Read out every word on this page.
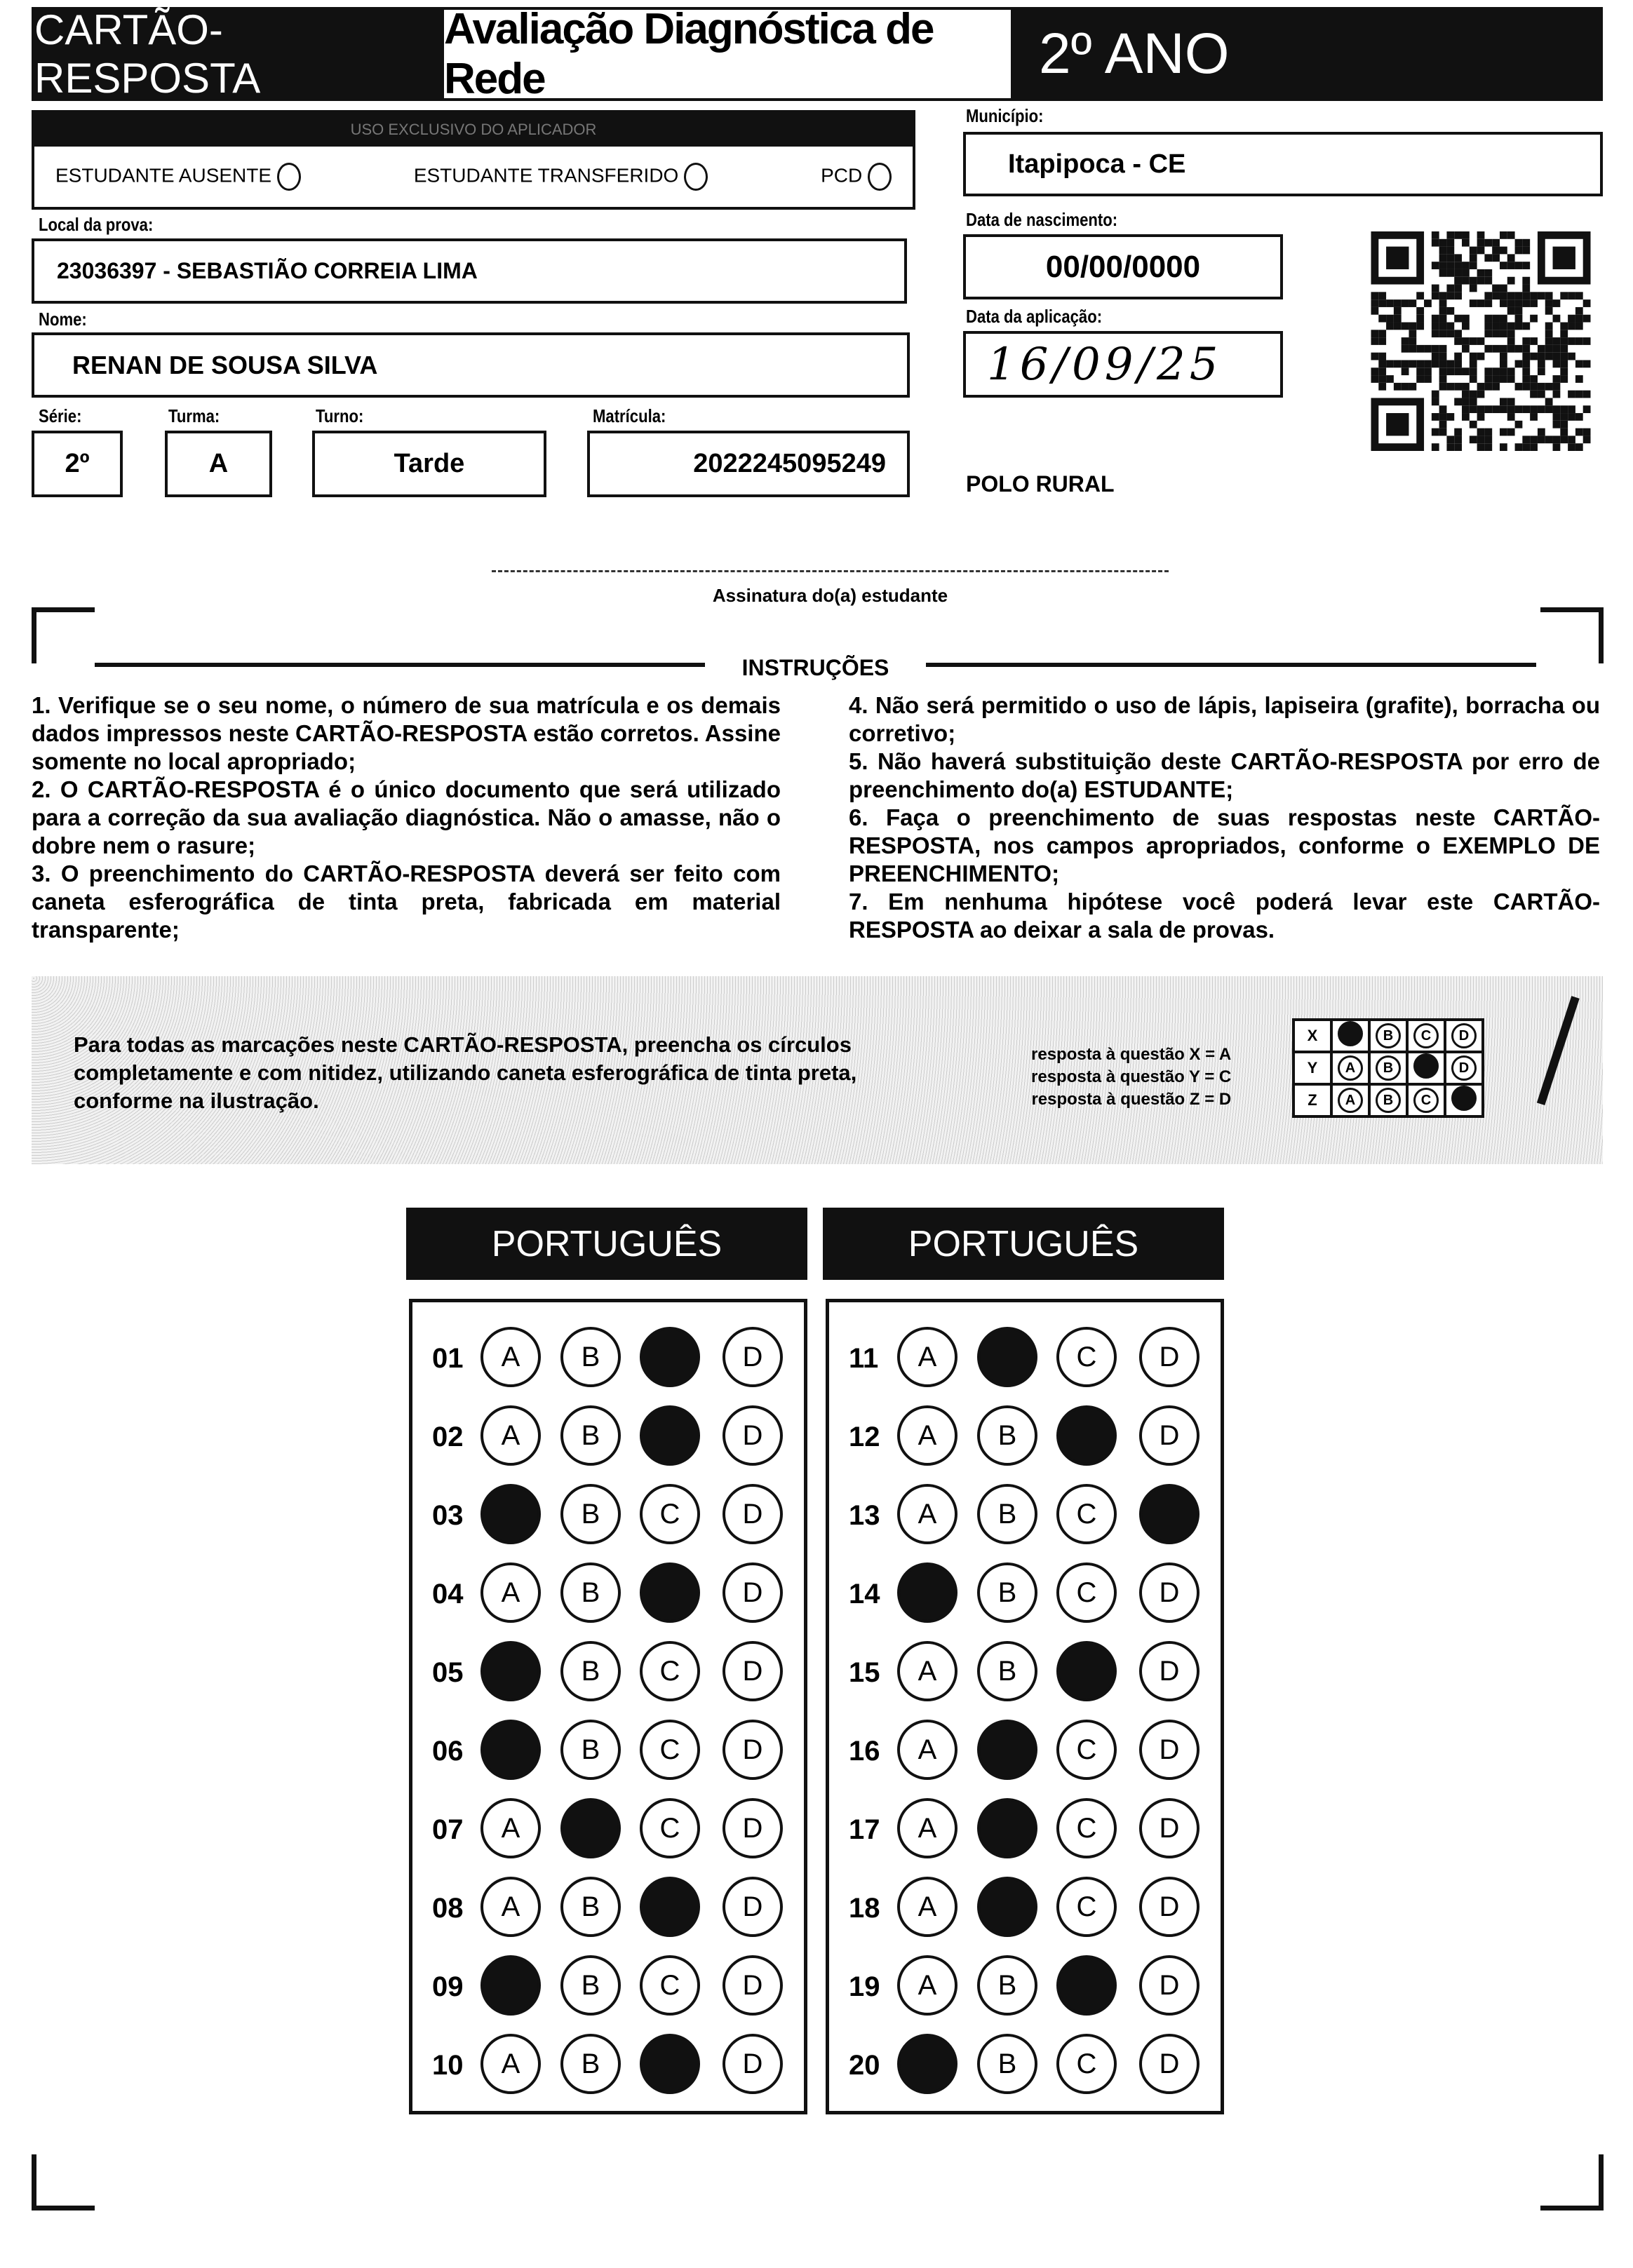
CARTÃO-RESPOSTA
Avaliação Diagnóstica de Rede	2º ANO
USO EXCLUSIVO DO APLICADOR
ESTUDANTE AUSENTE	ESTUDANTE TRANSFERIDO	PCD
Município:
Itapipoca - CE
Local da prova:
23036397 - SEBASTIÃO CORREIA LIMA
Data de nascimento:
00/00/0000
Nome:
RENAN DE SOUSA SILVA
Data da aplicação:
16/09/25
Série:
2º
Turma:
A
Turno:
Tarde
Matrícula:
2022245095249
POLO RURAL
Assinatura do(a) estudante
INSTRUÇÕES

1. Verifique se o seu nome, o número de sua matrícula e os demais dados impressos neste CARTÃO-RESPOSTA estão corretos. Assine somente no local apropriado;

2. O CARTÃO-RESPOSTA é o único documento que será utilizado para a correção da sua avaliação diagnóstica. Não o amasse, não o dobre nem o rasure;

3. O preenchimento do CARTÃO-RESPOSTA deverá ser feito com caneta esferográfica de tinta preta, fabricada em material transparente;

4. Não será permitido o uso de lápis, lapiseira (grafite), borracha ou corretivo;

5. Não haverá substituição deste CARTÃO-RESPOSTA por erro de preenchimento do(a) ESTUDANTE;

6. Faça o preenchimento de suas respostas neste CARTÃO-RESPOSTA, nos campos apropriados, conforme o EXEMPLO DE PREENCHIMENTO;

7. Em nenhuma hipótese você poderá levar este CARTÃO-RESPOSTA ao deixar a sala de provas.

Para todas as marcações neste CARTÃO-RESPOSTA, preencha os círculos completamente e com nitidez, utilizando caneta esferográfica de tinta preta, conforme na ilustração.
resposta à questão X = A
resposta à questão Y = C
resposta à questão Z = D
X		B	C	D
Y	A	B		D
Z	A	B	C	
PORTUGUÊS
01	A B	D
02	A B	D
03	B C D
04	A B	D
05	B C D
06	B C D
07	A	C D
08	A B	D
09	B C D
10	A B	D
PORTUGUÊS
11	A	C D
12	A B	D
13	A B C
14	B C D
15	A B	D
16	A	C D
17	A	C D
18	A	C D
19	A B	D
20	B C D
